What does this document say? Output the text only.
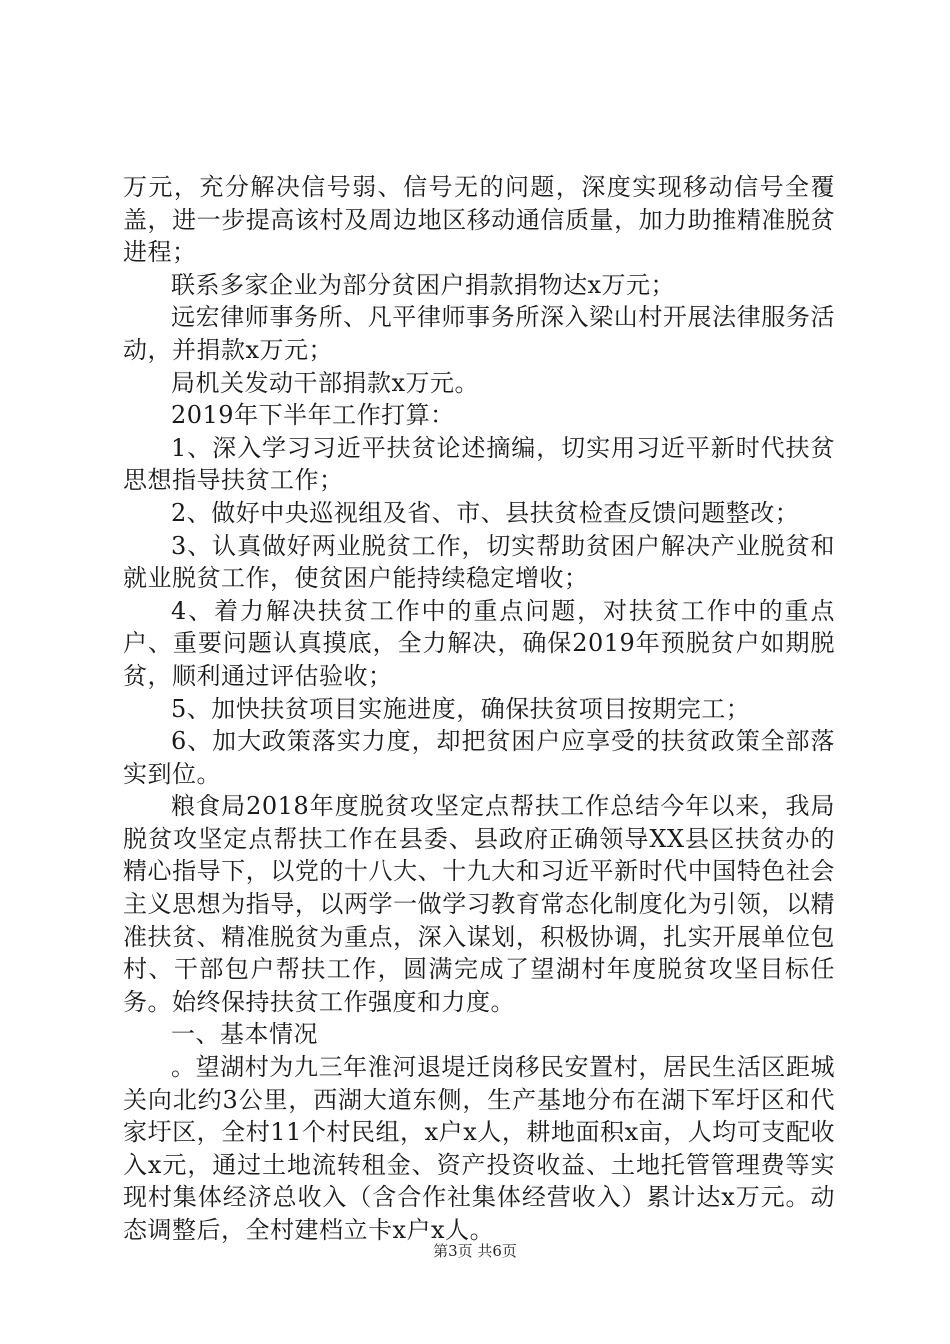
万元，充分解决信号弱、信号无的问题，深度实现移动信号全覆盖，进一步提高该村及周边地区移动通信质量，加力助推精准脱贫进程；

联系多家企业为部分贫困户捐款捐物达x万元；

远宏律师事务所、凡平律师事务所深入梁山村开展法律服务活动，并捐款x万元；

局机关发动干部捐款x万元。

2019年下半年工作打算：

1、深入学习习近平扶贫论述摘编，切实用习近平新时代扶贫思想指导扶贫工作；

2、做好中央巡视组及省、市、县扶贫检查反馈问题整改；

3、认真做好两业脱贫工作，切实帮助贫困户解决产业脱贫和就业脱贫工作，使贫困户能持续稳定增收；

4、着力解决扶贫工作中的重点问题，对扶贫工作中的重点户、重要问题认真摸底，全力解决，确保2019年预脱贫户如期脱贫，顺利通过评估验收；

5、加快扶贫项目实施进度，确保扶贫项目按期完工；

6、加大政策落实力度，却把贫困户应享受的扶贫政策全部落实到位。

粮食局2018年度脱贫攻坚定点帮扶工作总结今年以来，我局脱贫攻坚定点帮扶工作在县委、县政府正确领导XX县区扶贫办的精心指导下，以党的十八大、十九大和习近平新时代中国特色社会主义思想为指导，以两学一做学习教育常态化制度化为引领，以精准扶贫、精准脱贫为重点，深入谋划，积极协调，扎实开展单位包村、干部包户帮扶工作，圆满完成了望湖村年度脱贫攻坚目标任务。始终保持扶贫工作强度和力度。

一、基本情况

。望湖村为九三年淮河退堤迁岗移民安置村，居民生活区距城关向北约3公里，西湖大道东侧，生产基地分布在湖下军圩区和代家圩区，全村11个村民组，x户x人，耕地面积x亩，人均可支配收入x元，通过土地流转租金、资产投资收益、土地托管管理费等实现村集体经济总收入（含合作社集体经营收入）累计达x万元。动态调整后，全村建档立卡x户x人。

第3页 共6页
